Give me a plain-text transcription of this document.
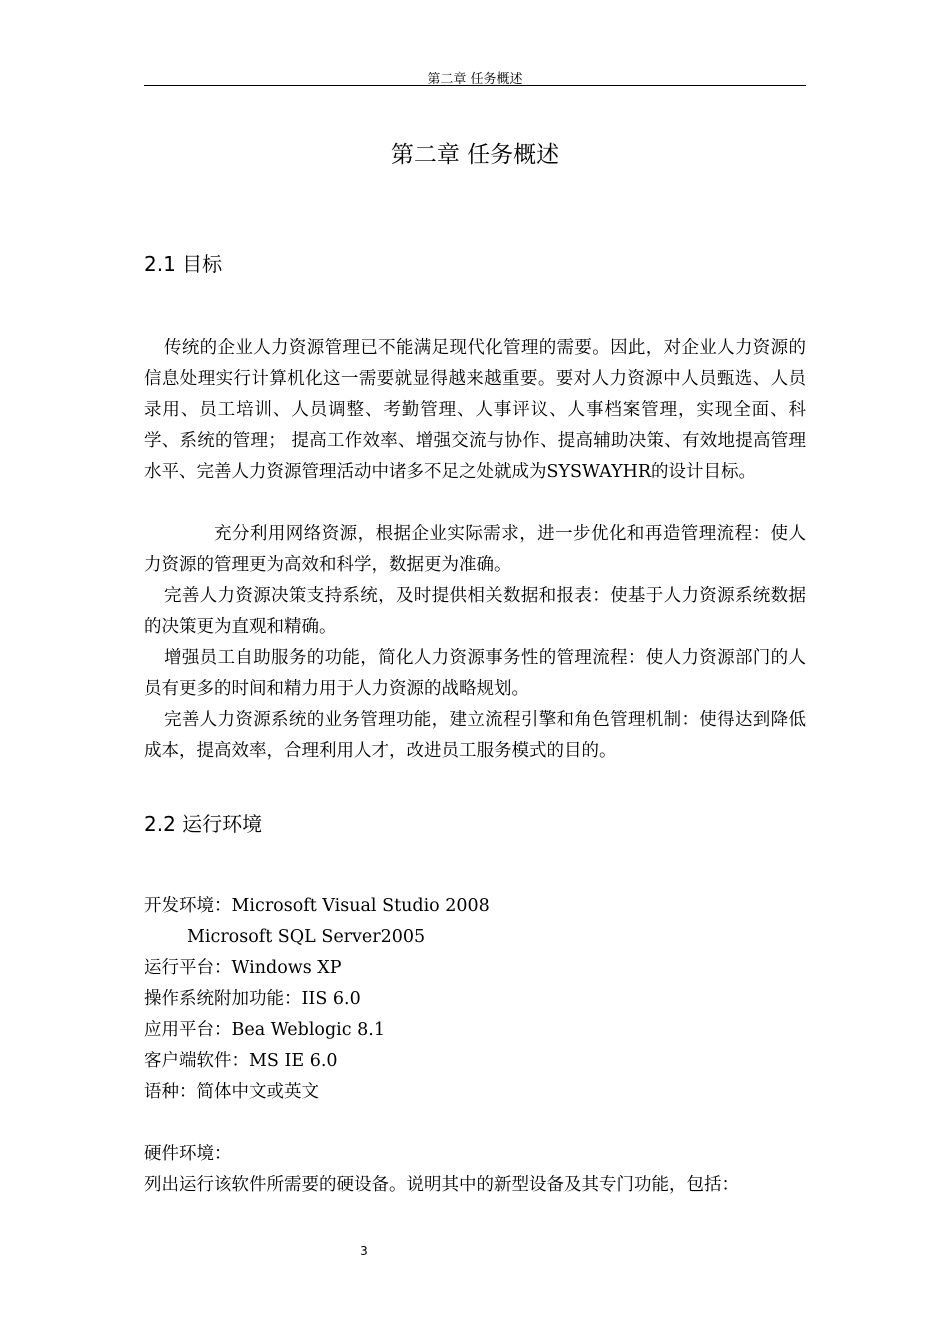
第二章 任务概述
第二章 任务概述
2.1 目标

传统的企业人力资源管理已不能满足现代化管理的需要。因此，对企业人力资源的信息处理实行计算机化这一需要就显得越来越重要。要对人力资源中人员甄选、人员录用、员工培训、人员调整、考勤管理、人事评议、人事档案管理，实现全面、科学、系统的管理； 提高工作效率、增强交流与协作、提高辅助决策、有效地提高管理水平、完善人力资源管理活动中诸多不足之处就成为SYSWAYHR的设计目标。

充分利用网络资源，根据企业实际需求，进一步优化和再造管理流程：使人力资源的管理更为高效和科学，数据更为准确。

完善人力资源决策支持系统，及时提供相关数据和报表：使基于人力资源系统数据的决策更为直观和精确。

增强员工自助服务的功能，简化人力资源事务性的管理流程：使人力资源部门的人员有更多的时间和精力用于人力资源的战略规划。

完善人力资源系统的业务管理功能，建立流程引擎和角色管理机制：使得达到降低成本，提高效率，合理利用人才，改进员工服务模式的目的。

2.2 运行环境
开发环境：Microsoft Visual Studio 2008
Microsoft SQL Server2005
运行平台：Windows XP
操作系统附加功能：IIS 6.0
应用平台：Bea Weblogic 8.1
客户端软件：MS IE 6.0
语种：简体中文或英文
硬件环境：
列出运行该软件所需要的硬设备。说明其中的新型设备及其专门功能，包括：
3
